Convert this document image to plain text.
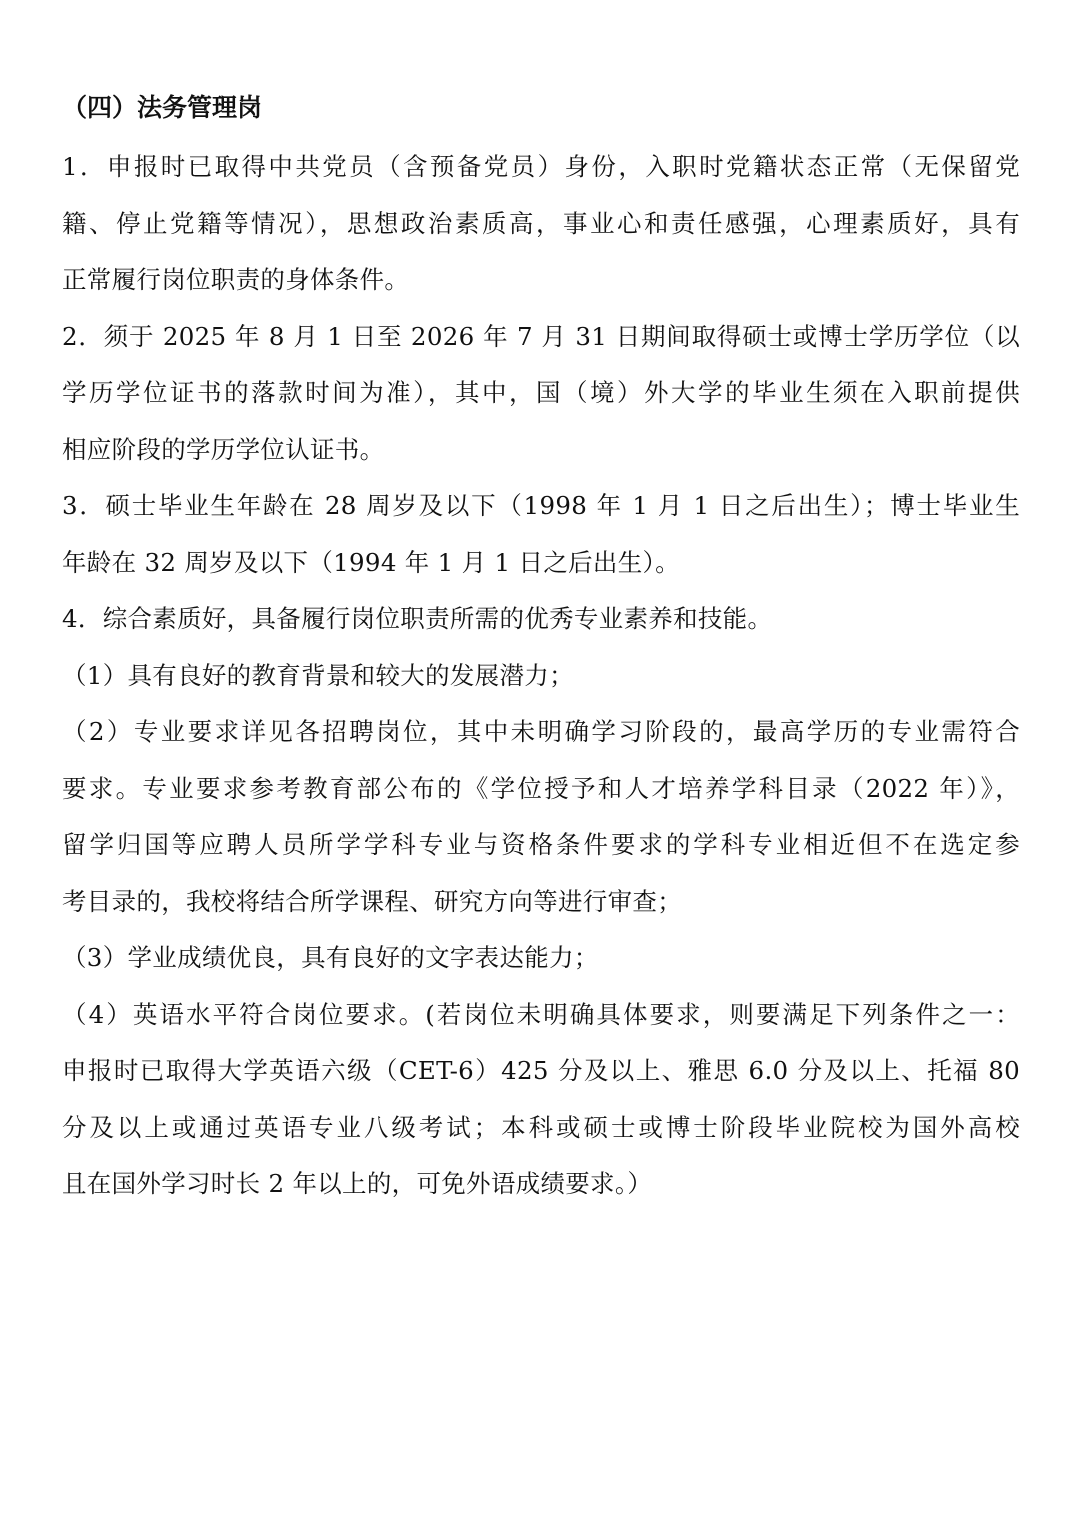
（四）法务管理岗
1．申报时已取得中共党员（含预备党员）身份，入职时党籍状态正常（无保留党
籍、停止党籍等情况），思想政治素质高，事业心和责任感强，心理素质好，具有
正常履行岗位职责的身体条件。
2．须于 2025 年 8 月 1 日至 2026 年 7 月 31 日期间取得硕士或博士学历学位（以
学历学位证书的落款时间为准），其中，国（境）外大学的毕业生须在入职前提供
相应阶段的学历学位认证书。
3．硕士毕业生年龄在 28 周岁及以下（1998 年 1 月 1 日之后出生）；博士毕业生
年龄在 32 周岁及以下（1994 年 1 月 1 日之后出生）。
4．综合素质好，具备履行岗位职责所需的优秀专业素养和技能。
（1）具有良好的教育背景和较大的发展潜力；
（2）专业要求详见各招聘岗位，其中未明确学习阶段的，最高学历的专业需符合
要求。专业要求参考教育部公布的《学位授予和人才培养学科目录（2022 年）》，
留学归国等应聘人员所学学科专业与资格条件要求的学科专业相近但不在选定参
考目录的，我校将结合所学课程、研究方向等进行审查；
（3）学业成绩优良，具有良好的文字表达能力；
（4）英语水平符合岗位要求。(若岗位未明确具体要求，则要满足下列条件之一：
申报时已取得大学英语六级（CET-6）425 分及以上、雅思 6.0 分及以上、托福 80
分及以上或通过英语专业八级考试；本科或硕士或博士阶段毕业院校为国外高校
且在国外学习时长 2 年以上的，可免外语成绩要求。）
